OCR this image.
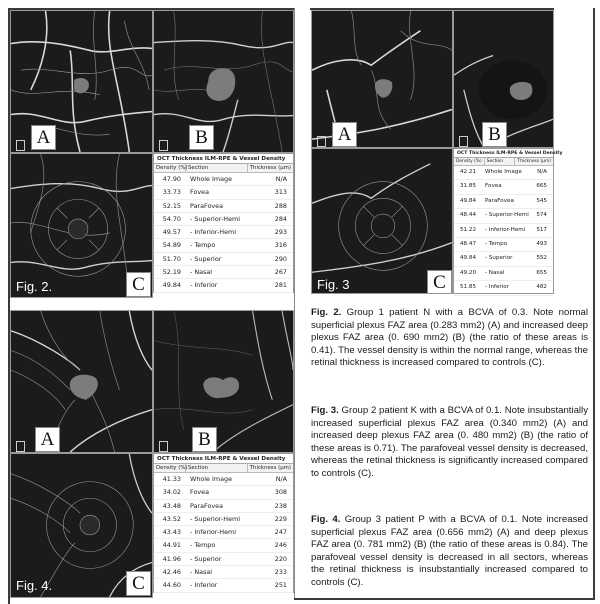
A	B
Fig. 2.	C
OCT Thickness ILM-RPE & Vessel Density
Density (%) Section	Thickness (µm)
47.90	Whole Image	N/A
33.73	Fovea	313
52.15	ParaFovea	288
54.70	- Superior-Hemi	284
49.57	- Inferior-Hemi	293
54.89	- Tempo	316
51.70	- Superior	290
52.19	- Nasal	267
49.84	- Inferior	281
A	B
Fig. 3	C
OCT Thickness ILM-RPE & Vessel Density
Density (%)	Section	Thickness (µm)
42.21	Whole Image	N/A
31.85	Fovea	665
49.84	ParaFovea	545
48.44	- Superior-Hemi	574
51.22	- Inferior-Hemi	517
48.47	- Tempo	493
49.84	- Superior	552
49.20	- Nasal	655
51.85	- Inferior	482
A	B
Fig. 4.	C
OCT Thickness ILM-RPE & Vessel Density
Density (%) Section	Thickness (µm)
41.33	Whole Image	N/A
34.02	Fovea	308
43.48	ParaFovea	238
43.52	- Superior-Hemi	229
43.43	- Inferior-Hemi	247
44.91	- Tempo	246
41.96	- Superior	220
42.46	- Nasal	233
44.60	- Inferior	251
Fig. 2. Group 1 patient N with a BCVA of 0.3. Note normal superficial plexus FAZ area (0.283 mm2) (A) and increased deep plexus FAZ area (0. 690 mm2) (B) (the ratio of these areas is 0.41). The vessel density is within the normal range, whereas the retinal thickness is increased compared to controls (C).
Fig. 3. Group 2 patient K with a BCVA of 0.1. Note insubstantially increased superficial plexus FAZ area (0.340 mm2) (A) and increased deep plexus FAZ area (0. 480 mm2) (B) (the ratio of these areas is 0.71). The parafoveal vessel density is decreased, whereas the retinal thickness is significantly increased compared to controls (C).
Fig. 4. Group 3 patient P with a BCVA of 0.1. Note increased superficial plexus FAZ area (0.656 mm2) (A) and deep plexus FAZ area (0. 781 mm2) (B) (the ratio of these areas is 0.84). The parafoveal vessel density is decreased in all sectors, whereas the retinal thickness is insubstantially increased compared to controls (C).
